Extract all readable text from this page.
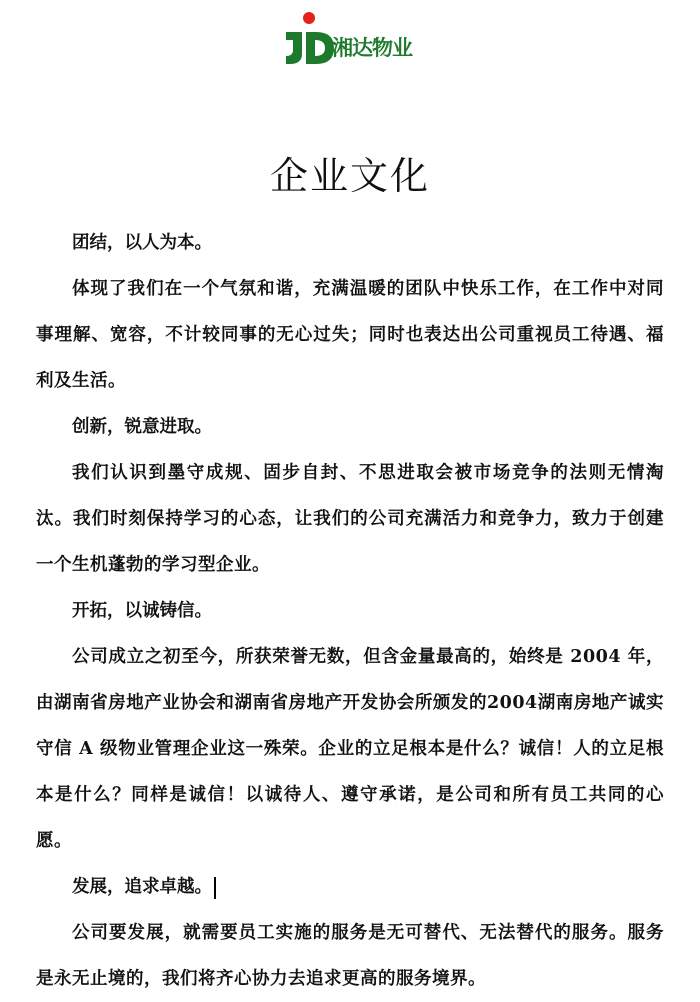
湘达物业
企业文化

团结，以人为本。

体现了我们在一个气氛和谐，充满温暖的团队中快乐工作，在工作中对同事理解、宽容，不计较同事的无心过失；同时也表达出公司重视员工待遇、福利及生活。

创新，锐意进取。

我们认识到墨守成规、固步自封、不思进取会被市场竞争的法则无情淘汰。我们时刻保持学习的心态，让我们的公司充满活力和竞争力，致力于创建一个生机蓬勃的学习型企业。

开拓，以诚铸信。

公司成立之初至今，所获荣誉无数，但含金量最高的，始终是 2004 年，由湖南省房地产业协会和湖南省房地产开发协会所颁发的2004湖南房地产诚实守信 A 级物业管理企业这一殊荣。企业的立足根本是什么？诚信！人的立足根本是什么？同样是诚信！以诚待人、遵守承诺，是公司和所有员工共同的心愿。

发展，追求卓越。

公司要发展，就需要员工实施的服务是无可替代、无法替代的服务。服务是永无止境的，我们将齐心协力去追求更高的服务境界。
